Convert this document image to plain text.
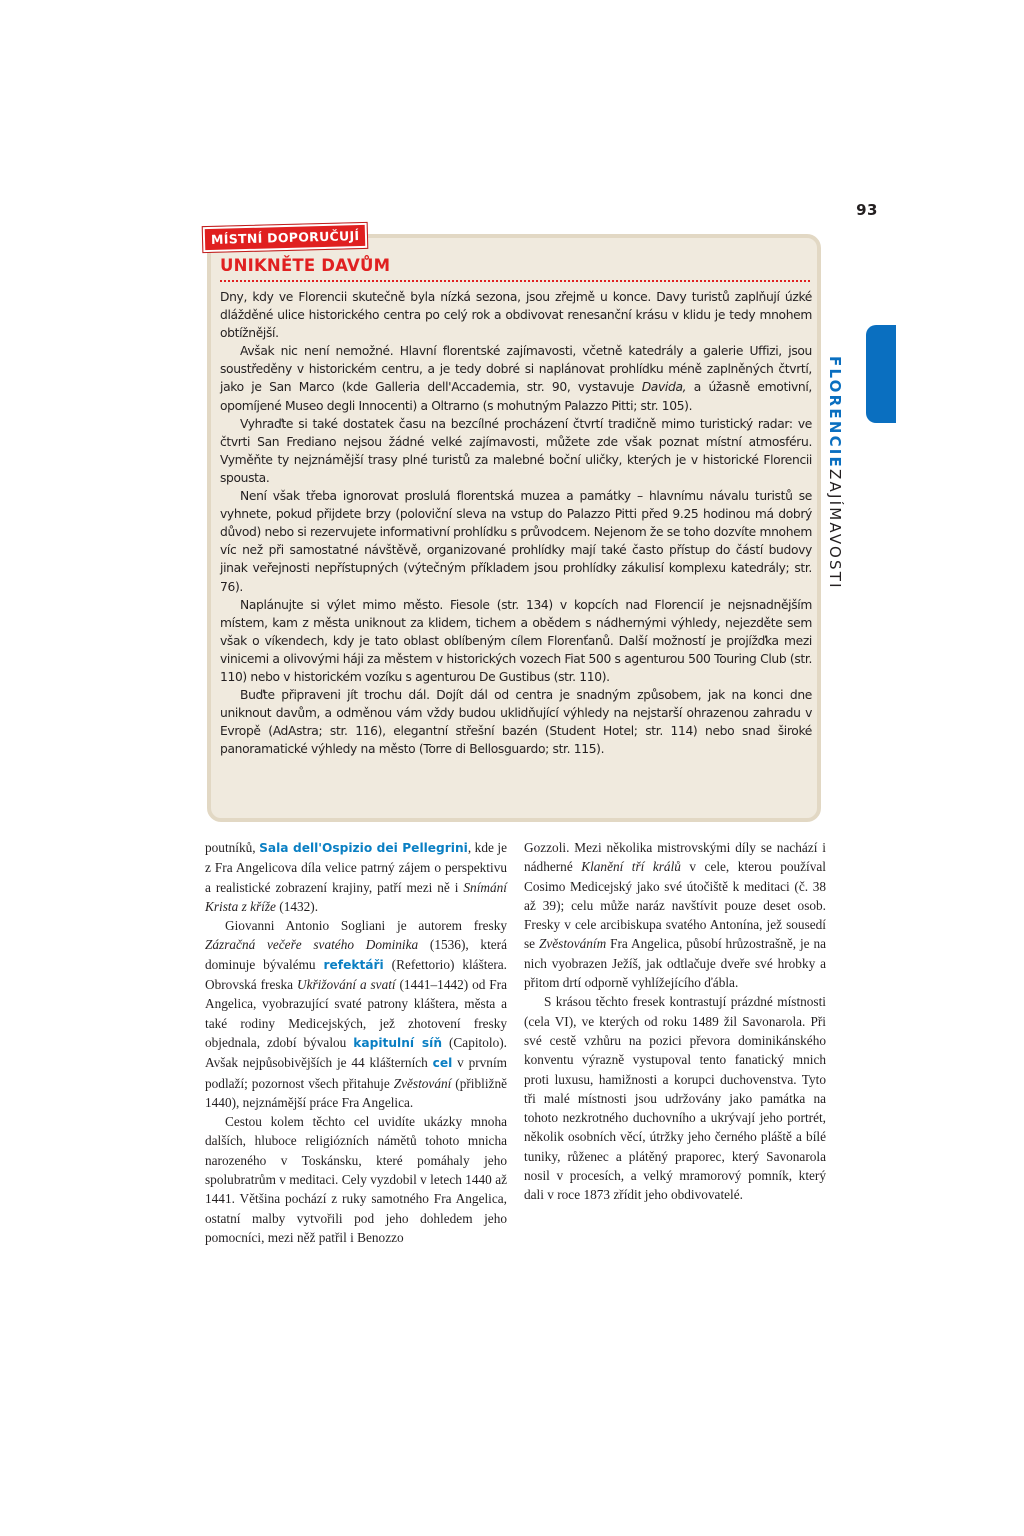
93
FLORENCIEZAJÍMAVOSTI
MÍSTNÍ DOPORUČUJÍ
UNIKNĚTE DAVŮM

Dny, kdy ve Florencii skutečně byla nízká sezona, jsou zřejmě u konce. Davy turistů zaplňují úzké dlážděné ulice historického centra po celý rok a obdivovat renesanční krásu v klidu je tedy mnohem obtížnější.

Avšak nic není nemožné. Hlavní florentské zajímavosti, včetně katedrály a galerie Uffizi, jsou soustředěny v historickém centru, a je tedy dobré si naplánovat prohlídku méně zaplněných čtvrtí, jako je San Marco (kde Galleria dell'Accademia, str. 90, vystavuje Davida, a úžasně emotivní, opomíjené Museo degli Innocenti) a Oltrarno (s mohutným Palazzo Pitti; str. 105).

Vyhraďte si také dostatek času na bezcílné procházení čtvrtí tradičně mimo turistický radar: ve čtvrti San Frediano nejsou žádné velké zajímavosti, můžete zde však poznat místní atmosféru. Vyměňte ty nejznámější trasy plné turistů za malebné boční uličky, kterých je v historické Florencii spousta.

Není však třeba ignorovat proslulá florentská muzea a památky – hlavnímu návalu turistů se vyhnete, pokud přijdete brzy (poloviční sleva na vstup do Palazzo Pitti před 9.25 hodinou má dobrý důvod) nebo si rezervujete informativní prohlídku s průvodcem. Nejenom že se toho dozvíte mnohem víc než při samostatné návštěvě, organizované prohlídky mají také často přístup do částí budovy jinak veřejnosti nepřístupných (výtečným příkladem jsou prohlídky zákulisí komplexu katedrály; str. 76).

Naplánujte si výlet mimo město. Fiesole (str. 134) v kopcích nad Florencií je nejsnadnějším místem, kam z města uniknout za klidem, tichem a obědem s nádhernými výhledy, nejezděte sem však o víkendech, kdy je tato oblast oblíbeným cílem Florenťanů. Další možností je projížďka mezi vinicemi a olivovými háji za městem v historických vozech Fiat 500 s agenturou 500 Touring Club (str. 110) nebo v historickém vozíku s agenturou De Gustibus (str. 110).

Buďte připraveni jít trochu dál. Dojít dál od centra je snadným způsobem, jak na konci dne uniknout davům, a odměnou vám vždy budou uklidňující výhledy na nejstarší ohrazenou zahradu v Evropě (AdAstra; str. 116), elegantní střešní bazén (Student Hotel; str. 114) nebo snad široké panoramatické výhledy na město (Torre di Bellosguardo; str. 115).

poutníků, Sala dell'Ospizio dei Pellegrini, kde je z Fra Angelicova díla velice patrný zájem o perspektivu a realistické zobrazení krajiny, patří mezi ně i Snímání Krista z kříže (1432).

Giovanni Antonio Sogliani je autorem fresky Zázračná večeře svatého Dominika (1536), která dominuje bývalému refektáři (Refettorio) kláštera. Obrovská freska Ukřižování a svatí (1441–1442) od Fra Angelica, vyobrazující svaté patrony kláštera, města a také rodiny Medicejských, jež zhotovení fresky objednala, zdobí bývalou kapitulní síň (Capitolo). Avšak nejpůsobivějších je 44 klášterních cel v prvním podlaží; pozornost všech přitahuje Zvěstování (přibližně 1440), nejznámější práce Fra Angelica.

Cestou kolem těchto cel uvidíte ukázky mnoha dalších, hluboce religiózních námětů tohoto mnicha narozeného v Toskánsku, které pomáhaly jeho spolubratrům v meditaci. Cely vyzdobil v letech 1440 až 1441. Většina pochází z ruky samotného Fra Angelica, ostatní malby vytvořili pod jeho dohledem jeho pomocníci, mezi něž patřil i Benozzo

Gozzoli. Mezi několika mistrovskými díly se nachází i nádherné Klanění tří králů v cele, kterou používal Cosimo Medicejský jako své útočiště k meditaci (č. 38 až 39); celu může naráz navštívit pouze deset osob. Fresky v cele arcibiskupa svatého Antonína, jež sousedí se Zvěstováním Fra Angelica, působí hrůzostrašně, je na nich vyobrazen Ježíš, jak odtlačuje dveře své hrobky a přitom drtí odporně vyhlížejícího ďábla.

S krásou těchto fresek kontrastují prázdné místnosti (cela VI), ve kterých od roku 1489 žil Savonarola. Při své cestě vzhůru na pozici převora dominikánského konventu výrazně vystupoval tento fanatický mnich proti luxusu, hamižnosti a korupci duchovenstva. Tyto tři malé místnosti jsou udržovány jako památka na tohoto nezkrotného duchovního a ukrývají jeho portrét, několik osobních věcí, útržky jeho černého pláště a bílé tuniky, růženec a plátěný praporec, který Savonarola nosil v procesích, a velký mramorový pomník, který dali v roce 1873 zřídit jeho obdivovatelé.
